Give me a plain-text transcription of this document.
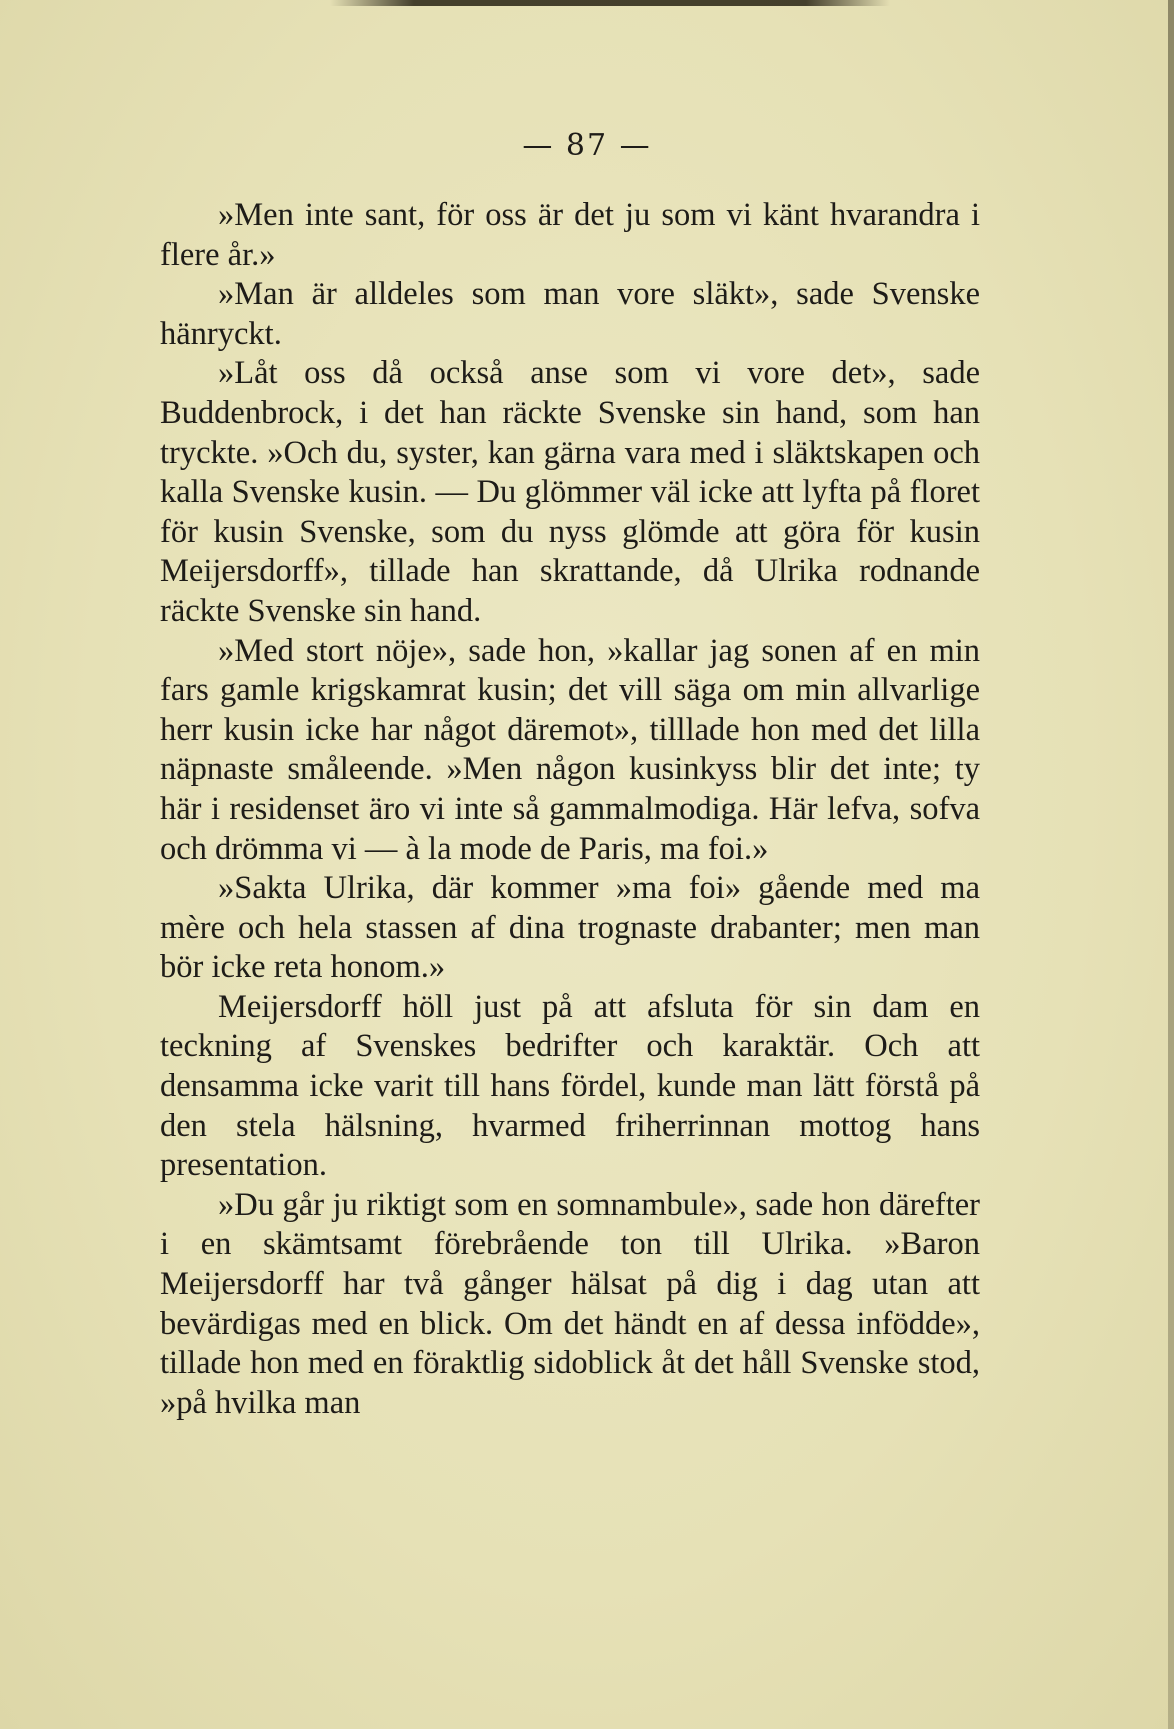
— 87 —

»Men inte sant, för oss är det ju som vi känt hvarandra i flere år.»

»Man är alldeles som man vore släkt», sade Svenske hänryckt.

»Låt oss då också anse som vi vore det», sade Buddenbrock, i det han räckte Svenske sin hand, som han tryckte. »Och du, syster, kan gärna vara med i släktskapen och kalla Svenske kusin. — Du glömmer väl icke att lyfta på floret för kusin Svenske, som du nyss glömde att göra för kusin Meijersdorff», tillade han skrattande, då Ulrika rodnande räckte Svenske sin hand.

»Med stort nöje», sade hon, »kallar jag sonen af en min fars gamle krigskamrat kusin; det vill säga om min allvarlige herr kusin icke har något däremot», tilllade hon med det lilla näpnaste småleende. »Men någon kusinkyss blir det inte; ty här i residenset äro vi inte så gammalmodiga. Här lefva, sofva och drömma vi — à la mode de Paris, ma foi.»

»Sakta Ulrika, där kommer »ma foi» gående med ma mère och hela stassen af dina trognaste drabanter; men man bör icke reta honom.»

Meijersdorff höll just på att afsluta för sin dam en teckning af Svenskes bedrifter och karaktär. Och att densamma icke varit till hans fördel, kunde man lätt förstå på den stela hälsning, hvarmed friherrinnan mottog hans presentation.

»Du går ju riktigt som en somnambule», sade hon därefter i en skämtsamt förebrående ton till Ulrika. »Baron Meijersdorff har två gånger hälsat på dig i dag utan att bevärdigas med en blick. Om det händt en af dessa infödde», tillade hon med en föraktlig sidoblick åt det håll Svenske stod, »på hvilka man
